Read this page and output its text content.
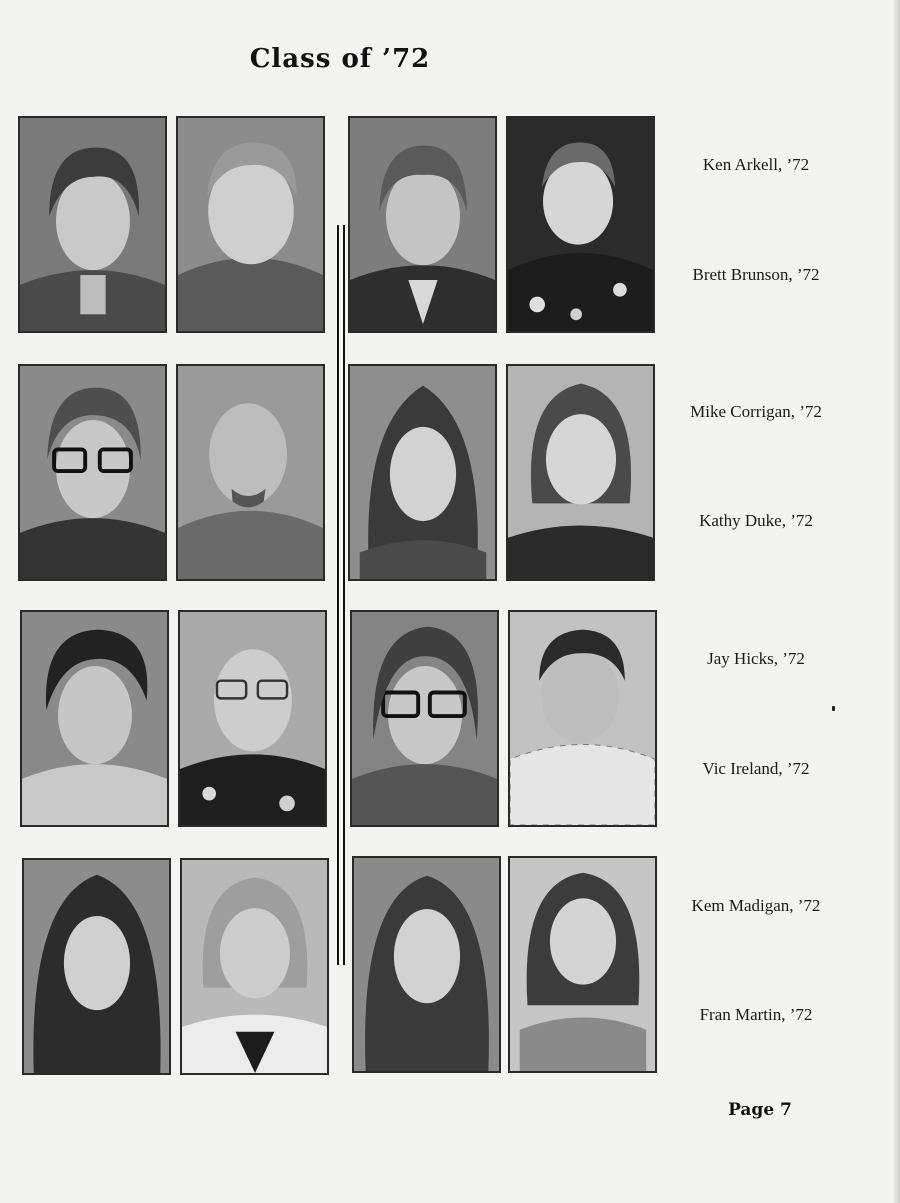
Class of ’72
Ken Arkell, ’72
Brett Brunson, ’72
Mike Corrigan, ’72
Kathy Duke, ’72
Jay Hicks, ’72
Vic Ireland, ’72
Kem Madigan, ’72
Fran Martin, ’72
Page 7
